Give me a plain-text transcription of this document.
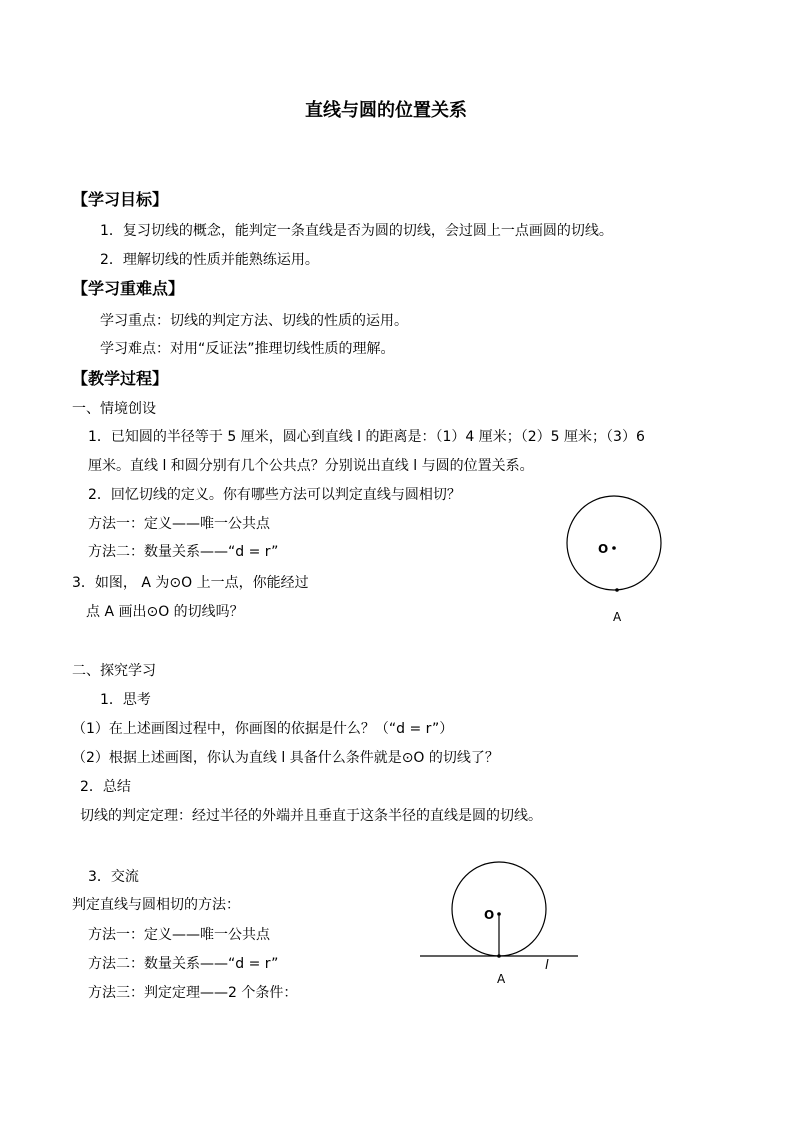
直线与圆的位置关系
【学习目标】
1．复习切线的概念，能判定一条直线是否为圆的切线，会过圆上一点画圆的切线。
2．理解切线的性质并能熟练运用。
【学习重难点】
学习重点：切线的判定方法、切线的性质的运用。
学习难点：对用“反证法”推理切线性质的理解。
【教学过程】
一、情境创设
1．已知圆的半径等于 5 厘米，圆心到直线 l 的距离是：（1）4 厘米；（2）5 厘米；（3）6
厘米。直线 l 和圆分别有几个公共点？分别说出直线 l 与圆的位置关系。
2．回忆切线的定义。你有哪些方法可以判定直线与圆相切？
方法一：定义——唯一公共点
方法二：数量关系——“d = r”
3．如图， A 为⊙O 上一点，你能经过
点 A 画出⊙O 的切线吗？
O
A
二、探究学习
1．思考
（1）在上述画图过程中，你画图的依据是什么？（“d = r”）
（2）根据上述画图，你认为直线 l 具备什么条件就是⊙O 的切线了？
2．总结
切线的判定定理：经过半径的外端并且垂直于这条半径的直线是圆的切线。
3．交流
判定直线与圆相切的方法：
方法一：定义——唯一公共点
方法二：数量关系——“d = r”
方法三：判定定理——2 个条件：
O
A
l
